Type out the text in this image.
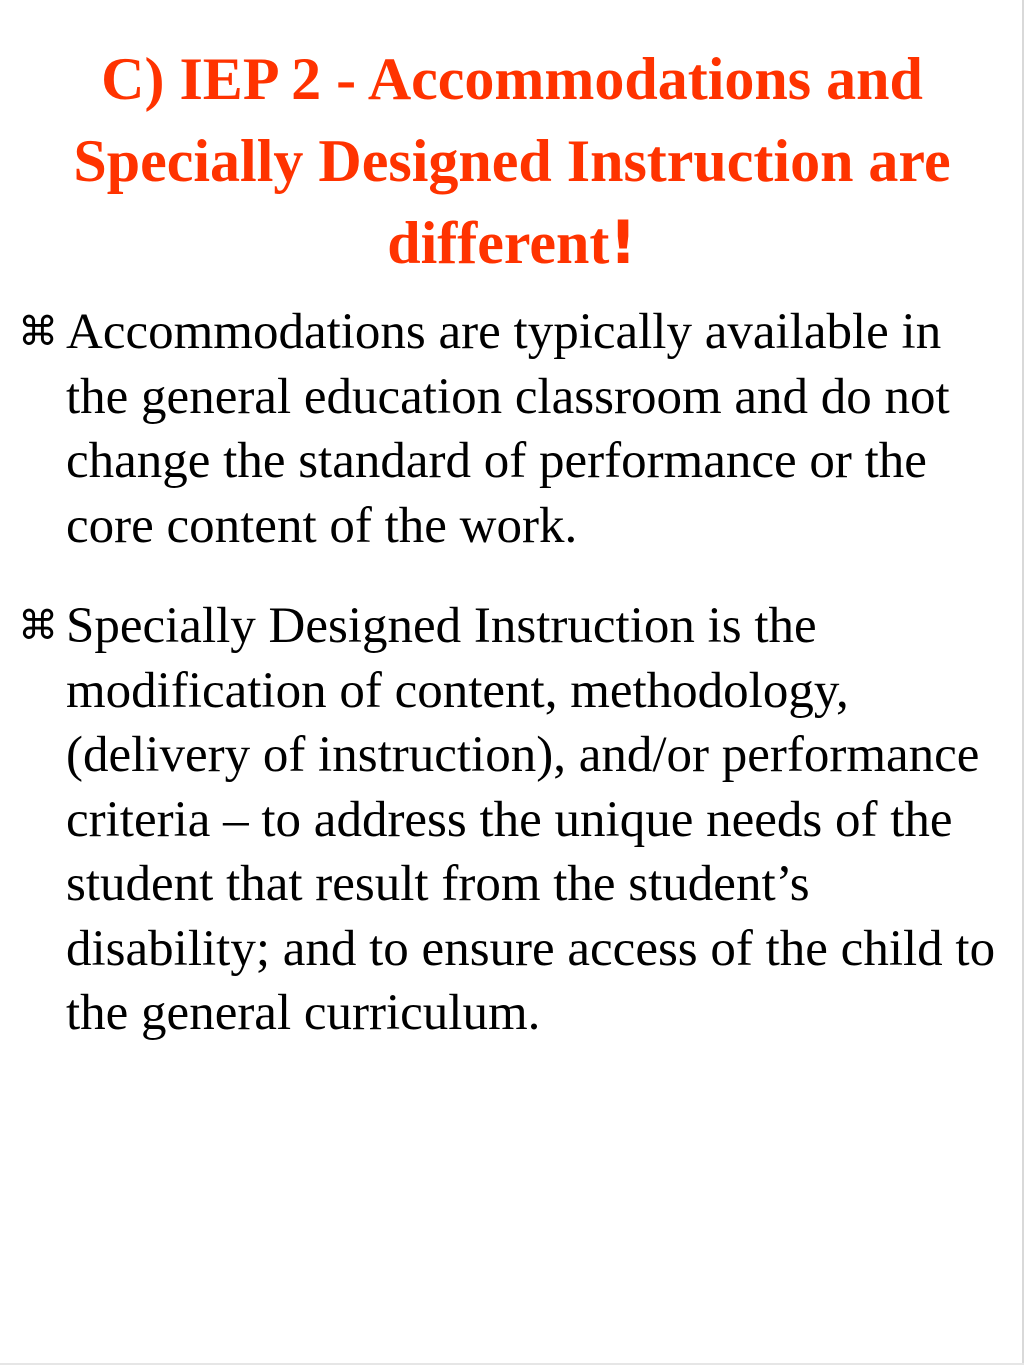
C) IEP 2 - Accommodations and Specially Designed Instruction are different!
⌘ Accommodations are typically available in the general education classroom and do not change the standard of performance or the core content of the work.
⌘ Specially Designed Instruction is the modification of content, methodology, (delivery of instruction), and/or performance criteria – to address the unique needs of the student that result from the student’s disability; and to ensure access of the child to the general curriculum.
